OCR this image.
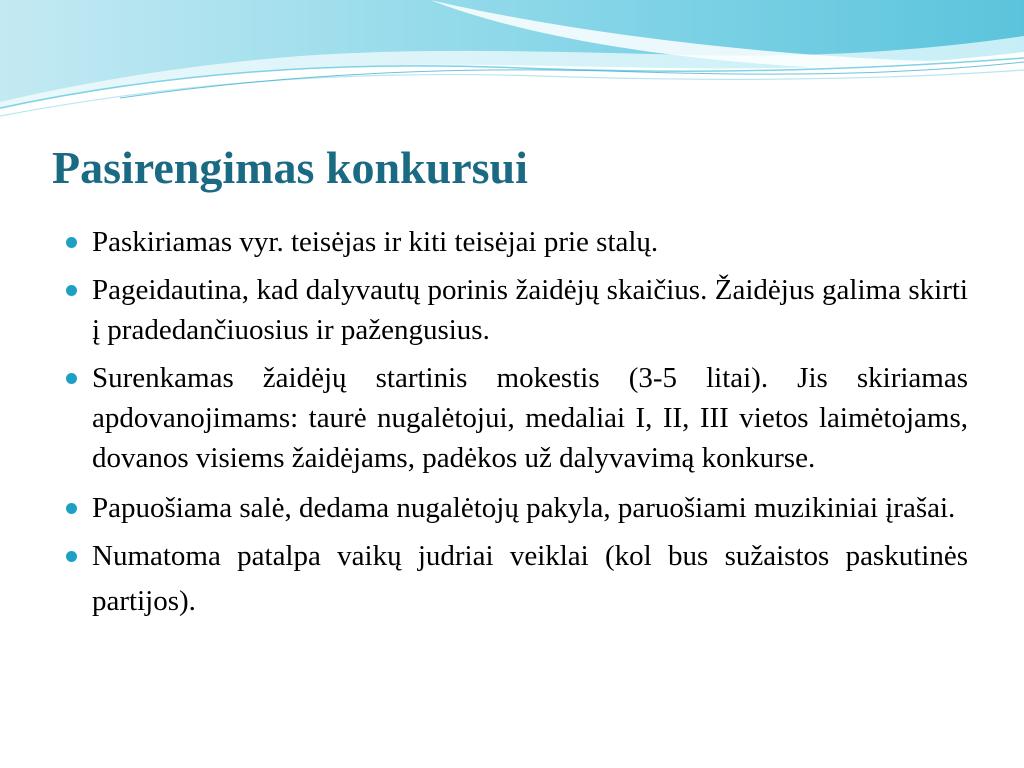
Pasirengimas konkursui
Paskiriamas vyr. teisėjas ir kiti teisėjai prie stalų.
Pageidautina, kad dalyvautų porinis žaidėjų skaičius. Žaidėjus galima skirti į pradedančiuosius ir pažengusius.
Surenkamas žaidėjų startinis mokestis (3-5 litai). Jis skiriamas apdovanojimams: taurė nugalėtojui, medaliai I, II, III vietos laimėtojams, dovanos visiems žaidėjams, padėkos už dalyvavimą konkurse.
Papuošiama salė, dedama nugalėtojų pakyla, paruošiami muzikiniai įrašai.
Numatoma patalpa vaikų judriai veiklai (kol bus sužaistos paskutinės partijos).
